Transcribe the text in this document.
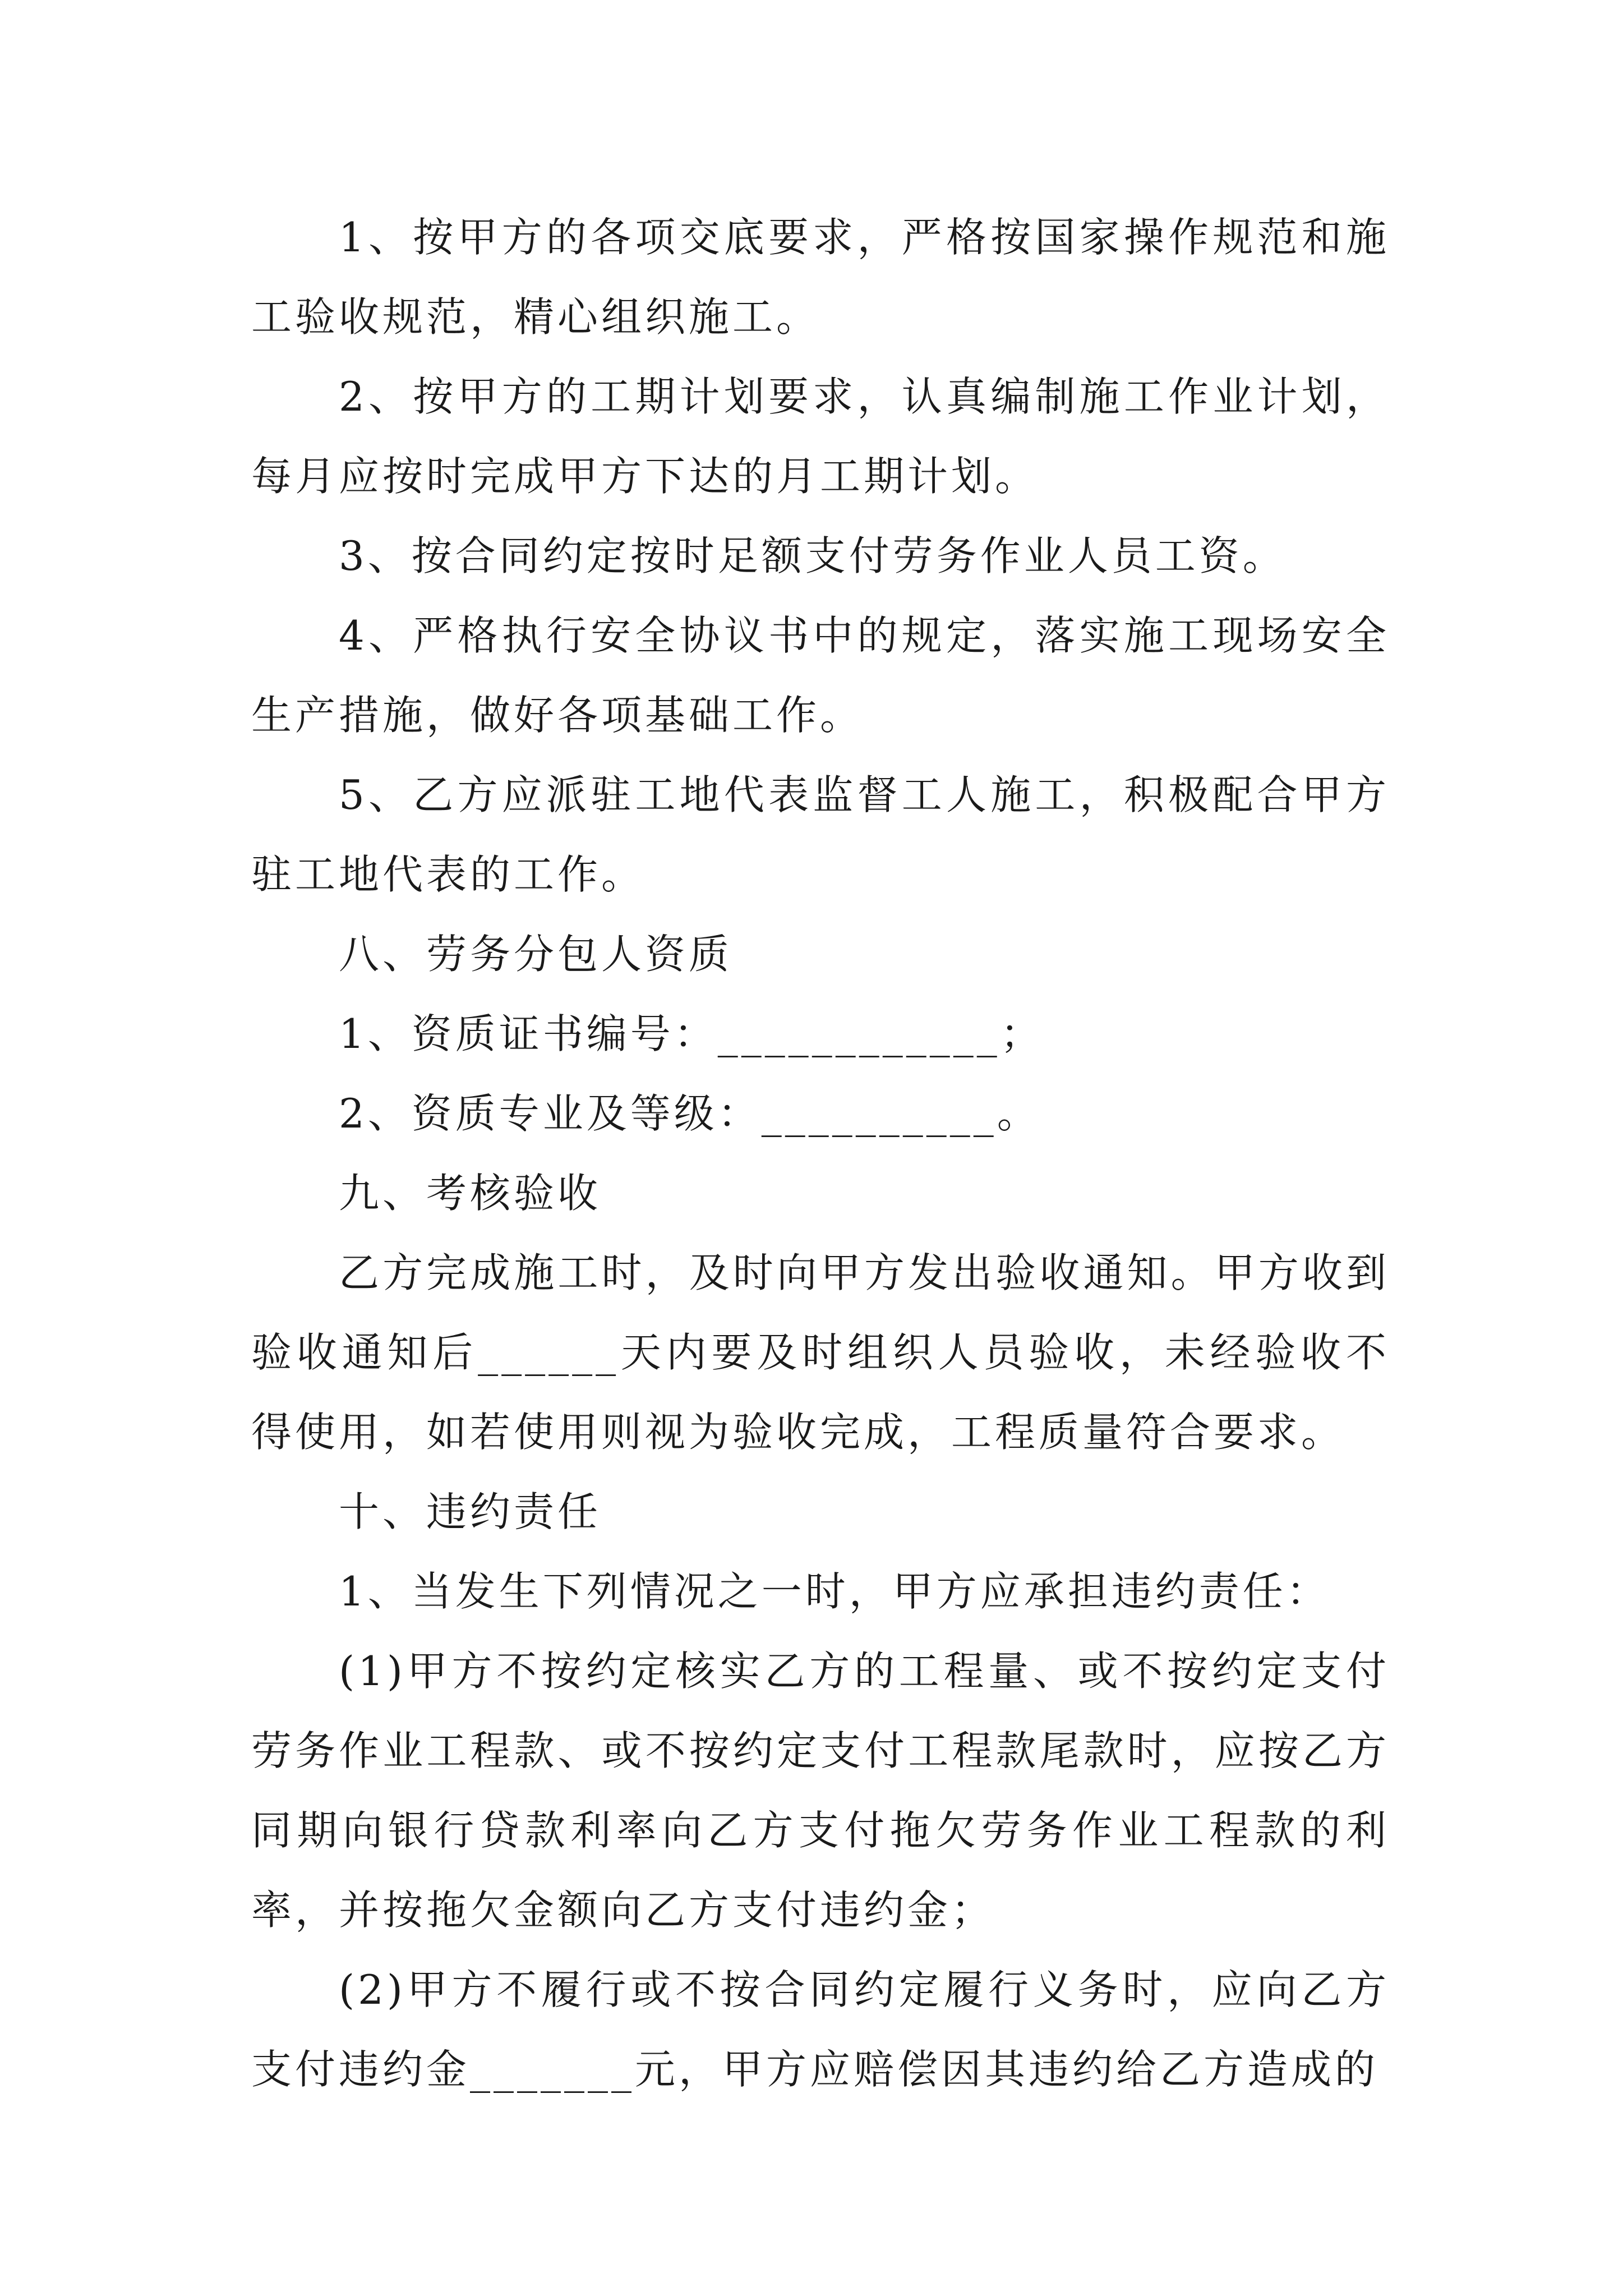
1、按甲方的各项交底要求，严格按国家操作规范和施工验收规范，精心组织施工。

2、按甲方的工期计划要求，认真编制施工作业计划，每月应按时完成甲方下达的月工期计划。

3、按合同约定按时足额支付劳务作业人员工资。

4、严格执行安全协议书中的规定，落实施工现场安全生产措施，做好各项基础工作。

5、乙方应派驻工地代表监督工人施工，积极配合甲方驻工地代表的工作。

八、劳务分包人资质

1、资质证书编号：____________；

2、资质专业及等级：__________。

九、考核验收

乙方完成施工时，及时向甲方发出验收通知。甲方收到验收通知后______天内要及时组织人员验收，未经验收不得使用，如若使用则视为验收完成，工程质量符合要求。

十、违约责任

1、当发生下列情况之一时，甲方应承担违约责任：

(1)甲方不按约定核实乙方的工程量、或不按约定支付劳务作业工程款、或不按约定支付工程款尾款时，应按乙方同期向银行贷款利率向乙方支付拖欠劳务作业工程款的利率，并按拖欠金额向乙方支付违约金；

(2)甲方不履行或不按合同约定履行义务时，应向乙方支付违约金_______元，甲方应赔偿因其违约给乙方造成的
